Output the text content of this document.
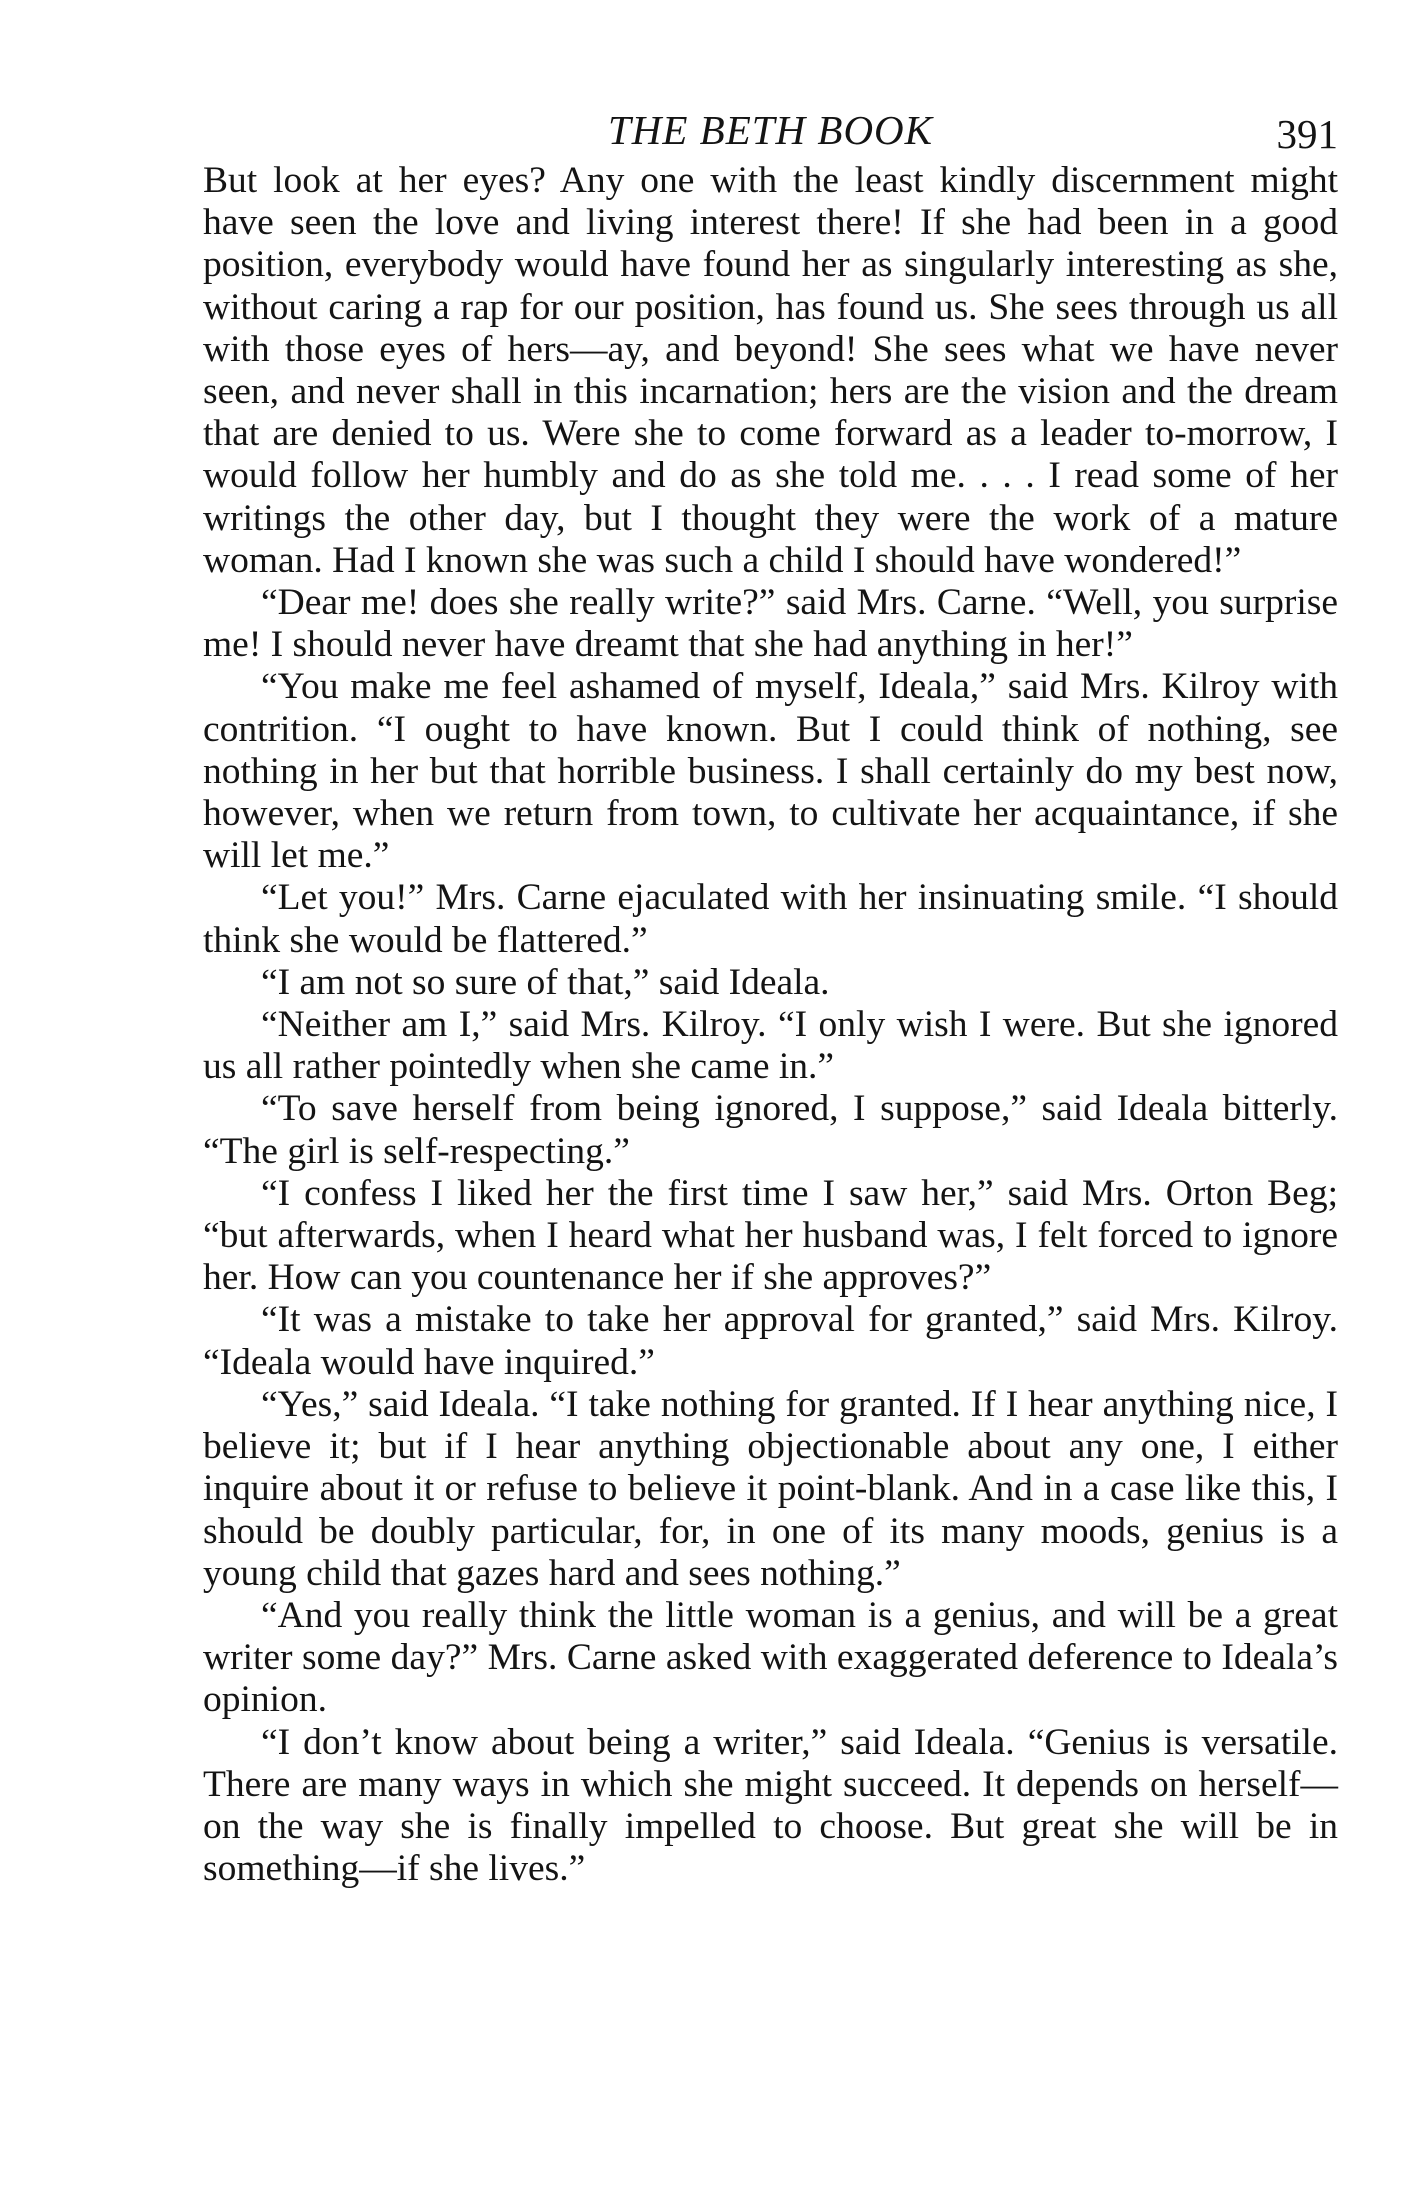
THE BETH BOOK	391

But look at her eyes? Any one with the least kindly discernment might have seen the love and living interest there! If she had been in a good position, everybody would have found her as singularly interesting as she, without caring a rap for our position, has found us. She sees through us all with those eyes of hers—ay, and beyond! She sees what we have never seen, and never shall in this incarnation; hers are the vision and the dream that are denied to us. Were she to come forward as a leader to-morrow, I would follow her humbly and do as she told me. . . . I read some of her writings the other day, but I thought they were the work of a mature woman. Had I known she was such a child I should have wondered!”

“Dear me! does she really write?” said Mrs. Carne. “Well, you surprise me! I should never have dreamt that she had anything in her!”

“You make me feel ashamed of myself, Ideala,” said Mrs. Kilroy with contrition. “I ought to have known. But I could think of nothing, see nothing in her but that horrible business. I shall certainly do my best now, however, when we return from town, to cultivate her acquaintance, if she will let me.”

“Let you!” Mrs. Carne ejaculated with her insinuating smile. “I should think she would be flattered.”

“I am not so sure of that,” said Ideala.

“Neither am I,” said Mrs. Kilroy. “I only wish I were. But she ignored us all rather pointedly when she came in.”

“To save herself from being ignored, I suppose,” said Ideala bitterly. “The girl is self-respecting.”

“I confess I liked her the first time I saw her,” said Mrs. Orton Beg; “but afterwards, when I heard what her husband was, I felt forced to ignore her. How can you countenance her if she approves?”

“It was a mistake to take her approval for granted,” said Mrs. Kilroy. “Ideala would have inquired.”

“Yes,” said Ideala. “I take nothing for granted. If I hear anything nice, I believe it; but if I hear anything objectionable about any one, I either inquire about it or refuse to believe it point-blank. And in a case like this, I should be doubly particular, for, in one of its many moods, genius is a young child that gazes hard and sees nothing.”

“And you really think the little woman is a genius, and will be a great writer some day?” Mrs. Carne asked with exaggerated deference to Ideala’s opinion.

“I don’t know about being a writer,” said Ideala. “Genius is versatile. There are many ways in which she might succeed. It depends on herself—on the way she is finally impelled to choose. But great she will be in something—if she lives.”
